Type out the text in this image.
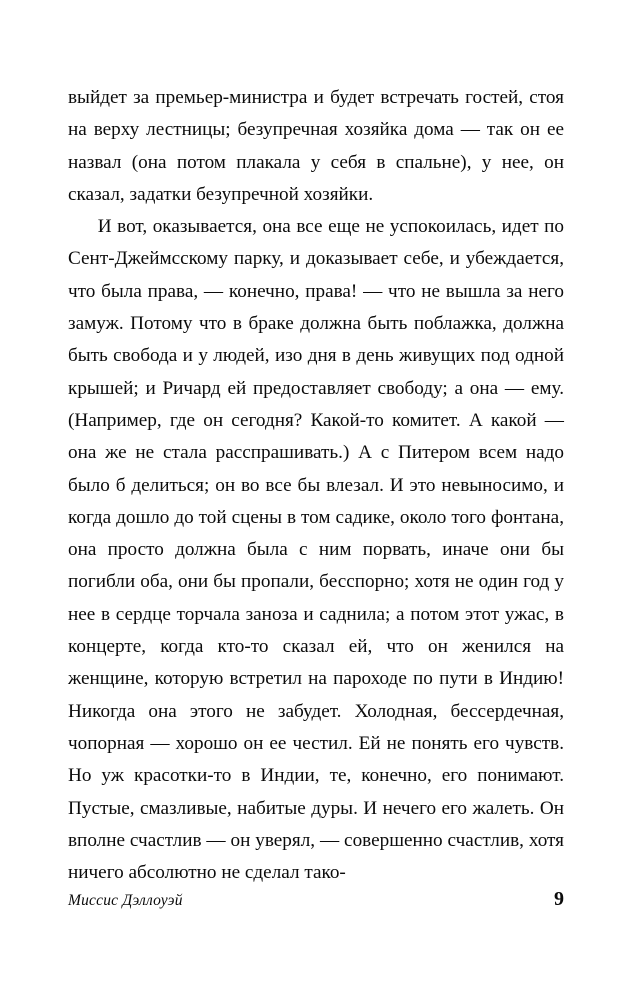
выйдет за премьер-министра и будет встречать гостей, стоя на верху лестницы; безупречная хозяйка дома — так он ее назвал (она потом плакала у себя в спальне), у нее, он сказал, задатки безупречной хозяйки.

И вот, оказывается, она все еще не успокоилась, идет по Сент-Джеймсскому парку, и доказывает себе, и убеждается, что была права, — конечно, права! — что не вышла за него замуж. Потому что в браке должна быть поблажка, должна быть свобода и у людей, изо дня в день живущих под одной крышей; и Ричард ей предоставляет свободу; а она — ему. (Например, где он сегодня? Какой-то комитет. А какой — она же не стала расспрашивать.) А с Питером всем надо было б делиться; он во все бы влезал. И это невыносимо, и когда дошло до той сцены в том садике, около того фонтана, она просто должна была с ним порвать, иначе они бы погибли оба, они бы пропали, бесспорно; хотя не один год у нее в сердце торчала заноза и саднила; а потом этот ужас, в концерте, когда кто-то сказал ей, что он женился на женщине, которую встретил на пароходе по пути в Индию! Никогда она этого не забудет. Холодная, бессердечная, чопорная — хорошо он ее честил. Ей не понять его чувств. Но уж красотки-то в Индии, те, конечно, его понимают. Пустые, смазливые, набитые дуры. И нечего его жалеть. Он вполне счастлив — он уверял, — совершенно счастлив, хотя ничего абсолютно не сделал тако-

Миссис Дэллоуэй	9
